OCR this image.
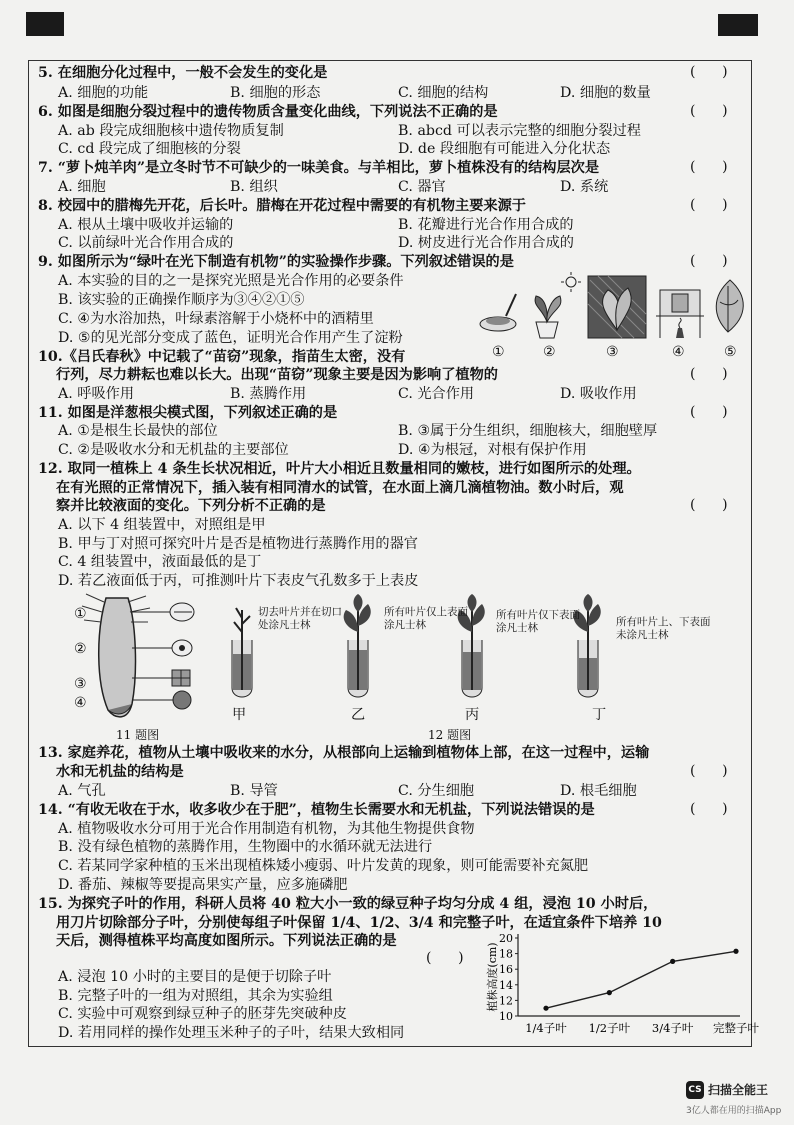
5. 在细胞分化过程中，一般不会发生的变化是	(      )
A. 细胞的功能	B. 细胞的形态	C. 细胞的结构	D. 细胞的数量
6. 如图是细胞分裂过程中的遗传物质含量变化曲线，下列说法不正确的是	(      )
A. ab 段完成细胞核中遗传物质复制	B. abcd 可以表示完整的细胞分裂过程
C. cd 段完成了细胞核的分裂	D. de 段细胞有可能进入分化状态
7. “萝卜炖羊肉”是立冬时节不可缺少的一味美食。与羊相比，萝卜植株没有的结构层次是	(      )
A. 细胞	B. 组织	C. 器官	D. 系统
8. 校园中的腊梅先开花，后长叶。腊梅在开花过程中需要的有机物主要来源于	(      )
A. 根从土壤中吸收并运输的	B. 花瓣进行光合作用合成的
C. 以前绿叶光合作用合成的	D. 树皮进行光合作用合成的
9. 如图所示为“绿叶在光下制造有机物”的实验操作步骤。下列叙述错误的是	(      )
A. 本实验的目的之一是探究光照是光合作用的必要条件
B. 该实验的正确操作顺序为③④②①⑤
C. ④为水浴加热，叶绿素溶解于小烧杯中的酒精里
D. ⑤的见光部分变成了蓝色，证明光合作用产生了淀粉
①	②	③	④	⑤
10.《吕氏春秋》中记载了“苗窃”现象，指苗生太密，没有
行列，尽力耕耘也难以长大。出现“苗窃”现象主要是因为影响了植物的	(      )
A. 呼吸作用	B. 蒸腾作用	C. 光合作用	D. 吸收作用
11. 如图是洋葱根尖模式图，下列叙述正确的是	(      )
A. ①是根生长最快的部位	B. ③属于分生组织，细胞核大，细胞壁厚
C. ②是吸收水分和无机盐的主要部位	D. ④为根冠，对根有保护作用
12. 取同一植株上 4 条生长状况相近，叶片大小相近且数量相同的嫩枝，进行如图所示的处理。
在有光照的正常情况下，插入装有相同清水的试管，在水面上滴几滴植物油。数小时后，观
察并比较液面的变化。下列分析不正确的是	(      )
A. 以下 4 组装置中，对照组是甲
B. 甲与丁对照可探究叶片是否是植物进行蒸腾作用的器官
C. 4 组装置中，液面最低的是丁
D. 若乙液面低于丙，可推测叶片下表皮气孔数多于上表皮
①
②
③
④
11 题图
切去叶片并在切口处涂凡士林
所有叶片仅上表面涂凡士林
所有叶片仅下表面涂凡士林	所有叶片上、下表面未涂凡士林
甲	乙	丙	丁
12 题图
13. 家庭养花，植物从土壤中吸收来的水分，从根部向上运输到植物体上部，在这一过程中，运输
水和无机盐的结构是	(      )
A. 气孔	B. 导管	C. 分生细胞	D. 根毛细胞
14. “有收无收在于水，收多收少在于肥”，植物生长需要水和无机盐，下列说法错误的是	(      )
A. 植物吸收水分可用于光合作用制造有机物，为其他生物提供食物
B. 没有绿色植物的蒸腾作用，生物圈中的水循环就无法进行
C. 若某同学家种植的玉米出现植株矮小瘦弱、叶片发黄的现象，则可能需要补充氮肥
D. 番茄、辣椒等要提高果实产量，应多施磷肥
15. 为探究子叶的作用，科研人员将 40 粒大小一致的绿豆种子均匀分成 4 组，浸泡 10 小时后，
用刀片切除部分子叶，分别使每组子叶保留 1/4、1/2、3/4 和完整子叶，在适宜条件下培养 10
天后，测得植株平均高度如图所示。下列说法正确的是
(      )
A. 浸泡 10 小时的主要目的是便于切除子叶
B. 完整子叶的一组为对照组，其余为实验组
C. 实验中可观察到绿豆种子的胚芽先突破种皮
D. 若用同样的操作处理玉米种子的子叶，结果大致相同
10
12
14
16
18
20
1/4子叶 1/2子叶 3/4子叶 完整子叶
植株高度(cm)
CS 扫描全能王
3亿人都在用的扫描App
